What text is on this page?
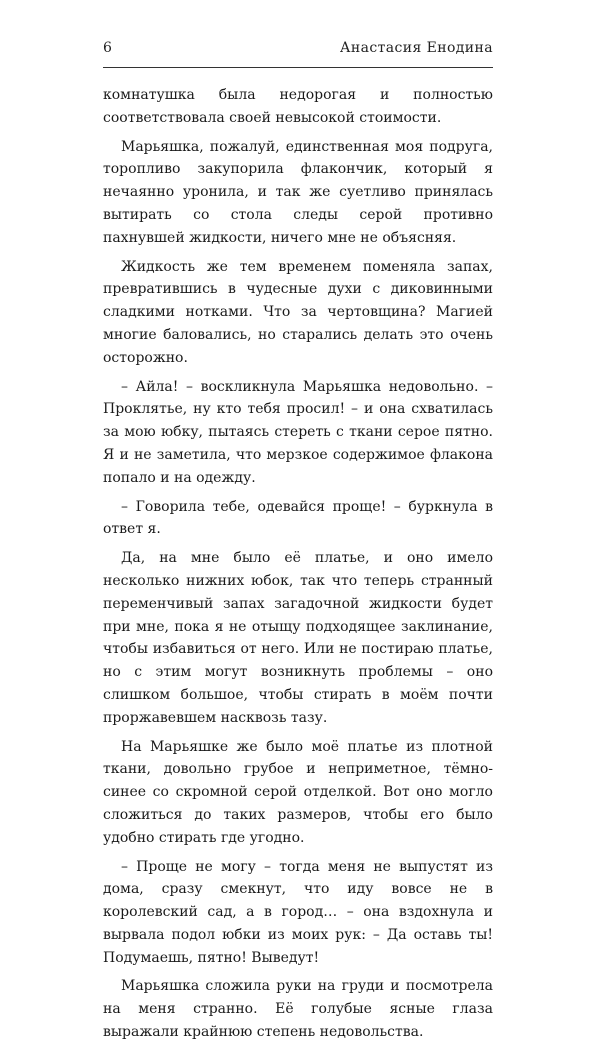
6	Анастасия Енодина

комнатушка была недорогая и полностью соответствовала своей невысокой стоимости.

Марьяшка, пожалуй, единственная моя подруга, торопливо закупорила флакончик, который я нечаянно уронила, и так же суетливо принялась вытирать со стола следы серой противно пахнувшей жидкости, ничего мне не объясняя.

Жидкость же тем временем поменяла запах, превратившись в чудесные духи с диковинными сладкими нотками. Что за чертовщина? Магией многие баловались, но старались делать это очень осторожно.

– Айла! – воскликнула Марьяшка недовольно. – Проклятье, ну кто тебя просил! – и она схватилась за мою юбку, пытаясь стереть с ткани серое пятно. Я и не заметила, что мерзкое содержимое флакона попало и на одежду.

– Говорила тебе, одевайся проще! – буркнула в ответ я.

Да, на мне было её платье, и оно имело несколько нижних юбок, так что теперь странный переменчивый запах загадочной жидкости будет при мне, пока я не отыщу подходящее заклинание, чтобы избавиться от него. Или не постираю платье, но с этим могут возникнуть проблемы – оно слишком большое, чтобы стирать в моём почти проржавевшем насквозь тазу.

На Марьяшке же было моё платье из плотной ткани, довольно грубое и неприметное, тёмно-синее со скромной серой отделкой. Вот оно могло сложиться до таких размеров, чтобы его было удобно стирать где угодно.

– Проще не могу – тогда меня не выпустят из дома, сразу смекнут, что иду вовсе не в королевский сад, а в город… – она вздохнула и вырвала подол юбки из моих рук: – Да оставь ты! Подумаешь, пятно! Выведут!

Марьяшка сложила руки на груди и посмотрела на меня странно. Её голубые ясные глаза выражали крайнюю степень недовольства.
